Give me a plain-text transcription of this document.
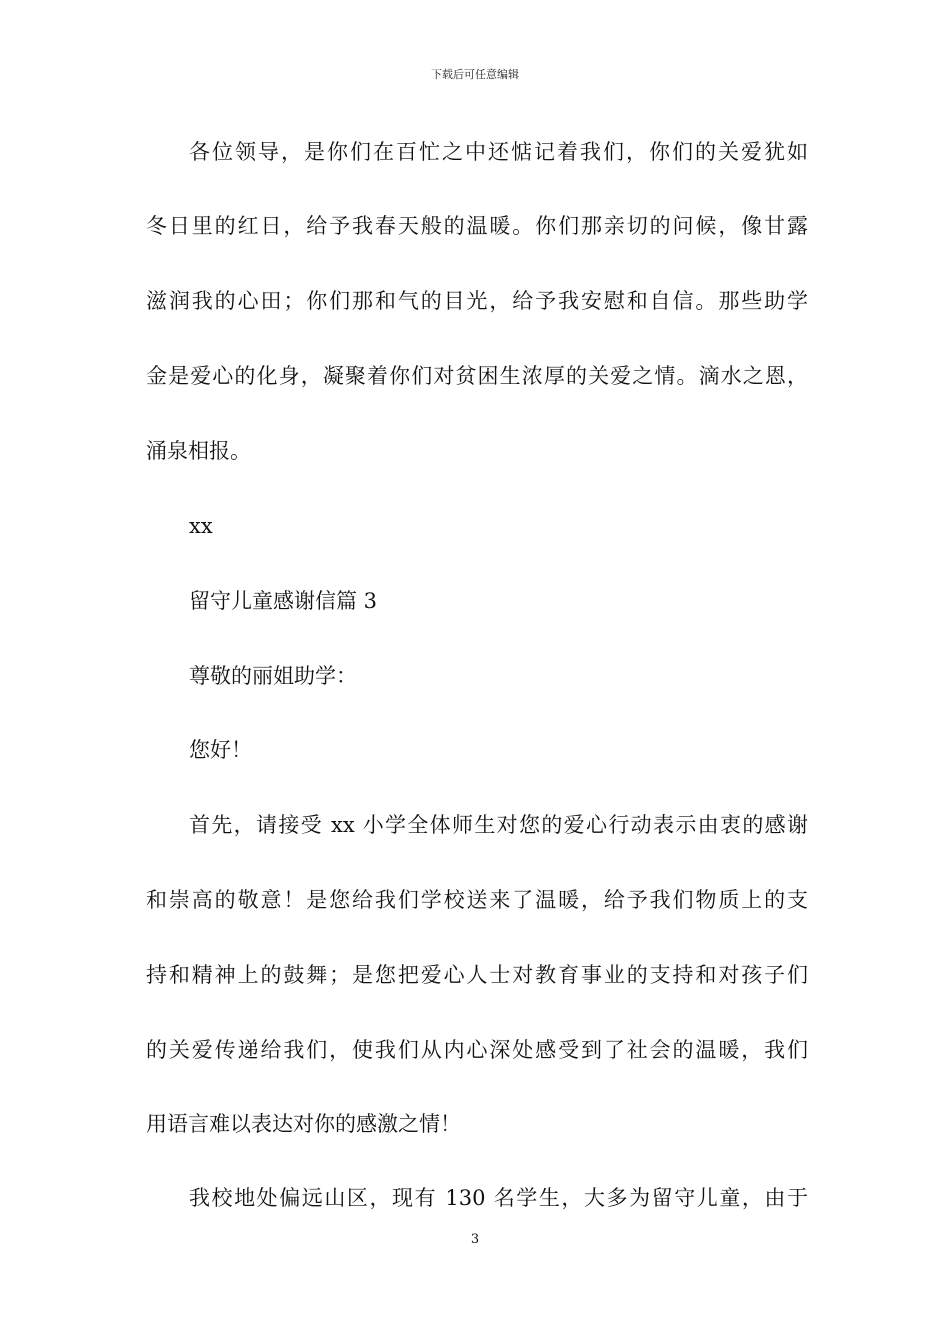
下载后可任意编辑
各位领导，是你们在百忙之中还惦记着我们，你们的关爱犹如
冬日里的红日，给予我春天般的温暖。你们那亲切的问候，像甘露
滋润我的心田；你们那和气的目光，给予我安慰和自信。那些助学
金是爱心的化身，凝聚着你们对贫困生浓厚的关爱之情。滴水之恩，
涌泉相报。
xx
留守儿童感谢信篇 3
尊敬的丽姐助学：
您好！
首先，请接受 xx 小学全体师生对您的爱心行动表示由衷的感谢
和崇高的敬意！是您给我们学校送来了温暖，给予我们物质上的支
持和精神上的鼓舞；是您把爱心人士对教育事业的支持和对孩子们
的关爱传递给我们，使我们从内心深处感受到了社会的温暖，我们
用语言难以表达对你的感激之情！
我校地处偏远山区，现有 130 名学生，大多为留守儿童，由于
3
